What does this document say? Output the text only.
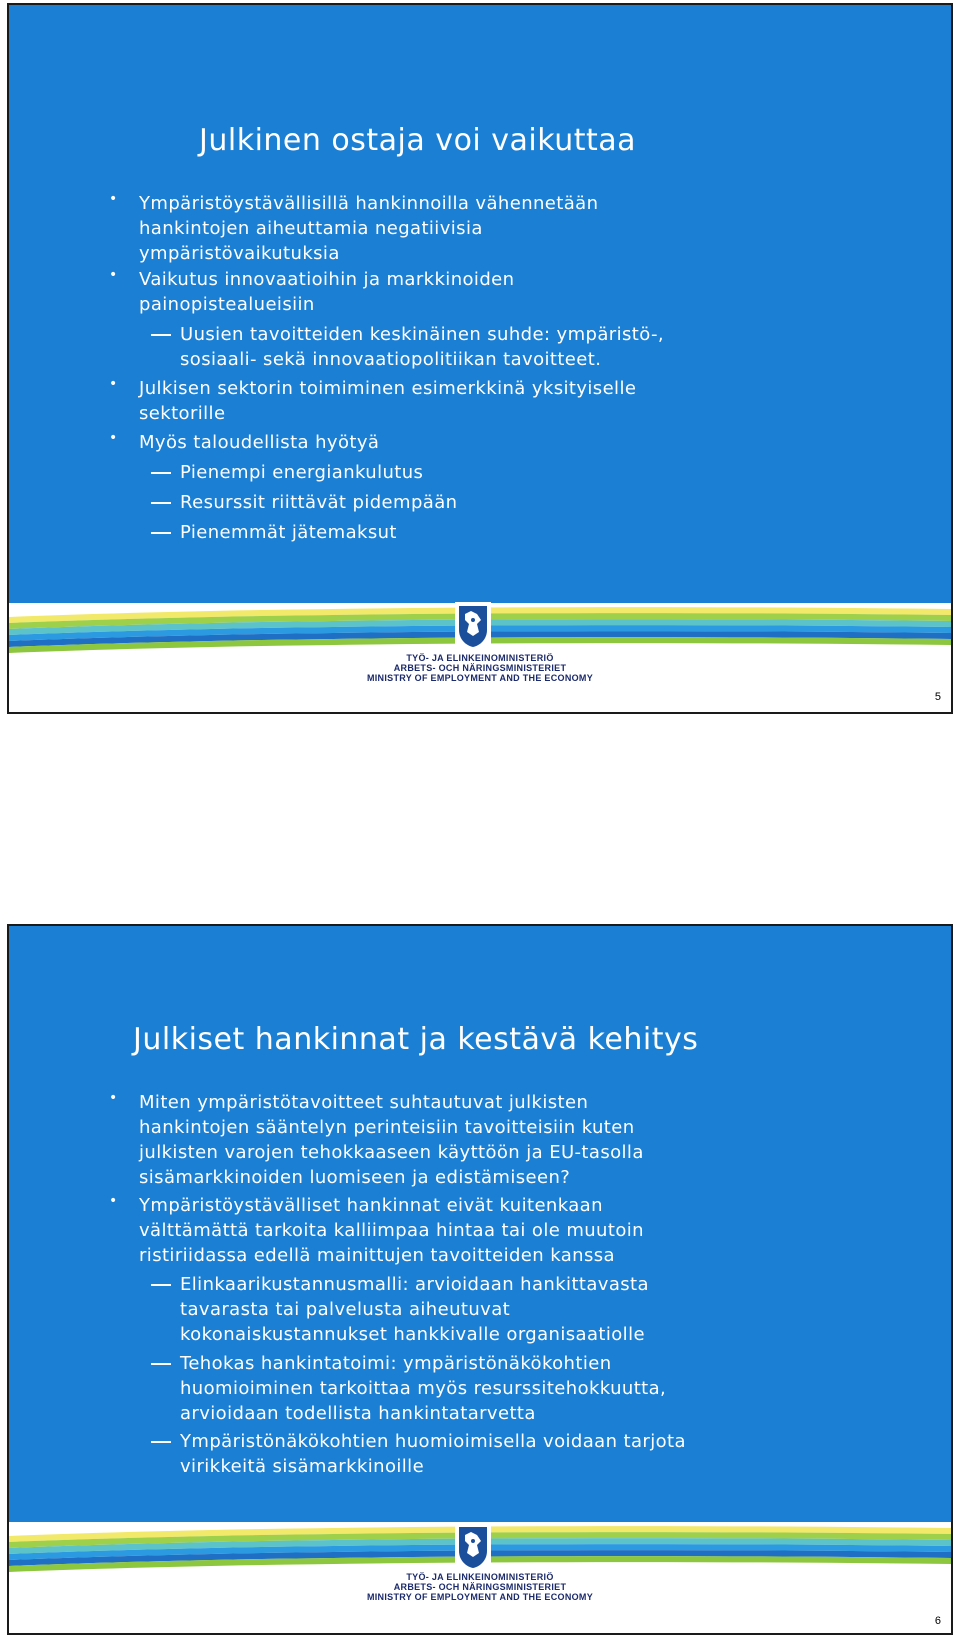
Julkinen ostaja voi vaikuttaa
• Ympäristöystävällisillä hankinnoilla vähennetään
hankintojen aiheuttamia negatiivisia
ympäristövaikutuksia
• Vaikutus innovaatioihin ja markkinoiden
painopistealueisiin
Uusien tavoitteiden keskinäinen suhde: ympäristö-,
sosiaali- sekä innovaatiopolitiikan tavoitteet.
• Julkisen sektorin toimiminen esimerkkinä yksityiselle
sektorille
• Myös taloudellista hyötyä
Pienempi energiankulutus
Resurssit riittävät pidempään
Pienemmät jätemaksut
TYÖ- JA ELINKEINOMINISTERIÖ
ARBETS- OCH NÄRINGSMINISTERIET
MINISTRY OF EMPLOYMENT AND THE ECONOMY
5
Julkiset hankinnat ja kestävä kehitys
• Miten ympäristötavoitteet suhtautuvat julkisten
hankintojen sääntelyn perinteisiin tavoitteisiin kuten
julkisten varojen tehokkaaseen käyttöön ja EU-tasolla
sisämarkkinoiden luomiseen ja edistämiseen?
• Ympäristöystävälliset hankinnat eivät kuitenkaan
välttämättä tarkoita kalliimpaa hintaa tai ole muutoin
ristiriidassa edellä mainittujen tavoitteiden kanssa
Elinkaarikustannusmalli: arvioidaan hankittavasta
tavarasta tai palvelusta aiheutuvat
kokonaiskustannukset hankkivalle organisaatiolle
Tehokas hankintatoimi: ympäristönäkökohtien
huomioiminen tarkoittaa myös resurssitehokkuutta,
arvioidaan todellista hankintatarvetta
Ympäristönäkökohtien huomioimisella voidaan tarjota
virikkeitä sisämarkkinoille
TYÖ- JA ELINKEINOMINISTERIÖ
ARBETS- OCH NÄRINGSMINISTERIET
MINISTRY OF EMPLOYMENT AND THE ECONOMY
6
